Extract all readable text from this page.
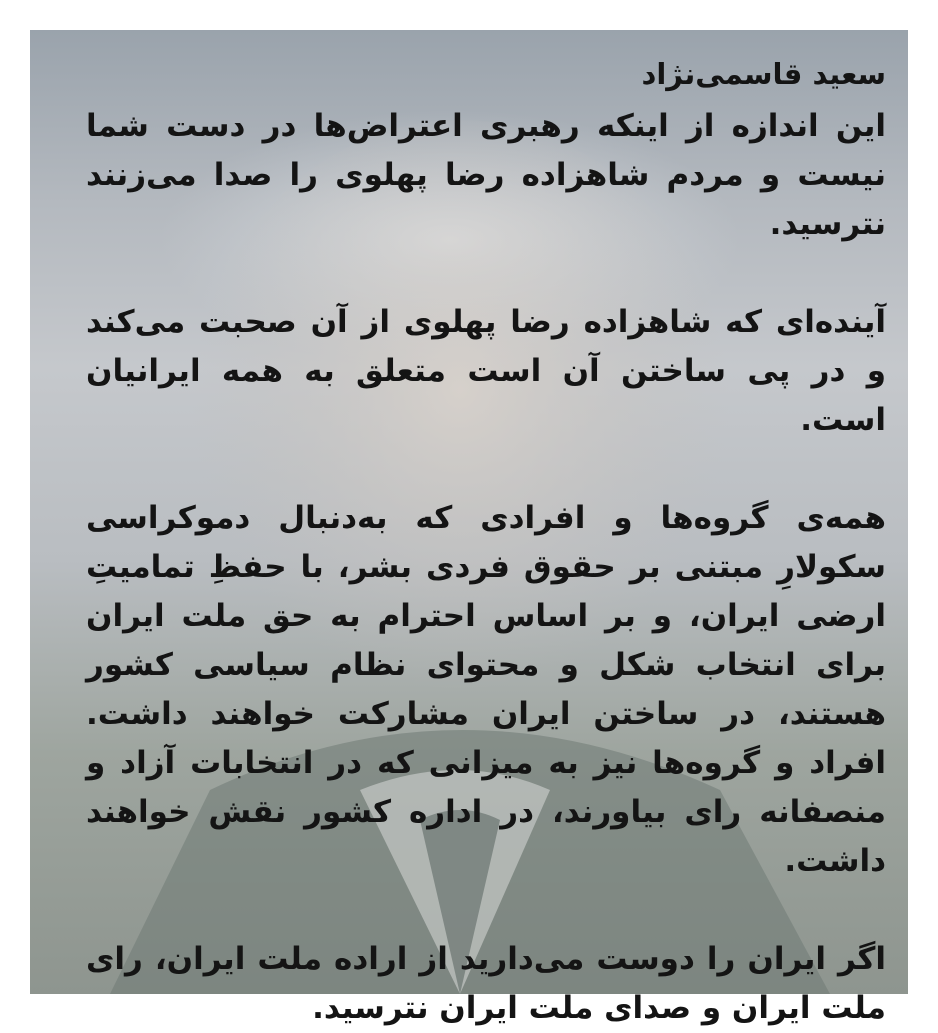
سعید قاسمی‌نژاد

این اندازه از اینکه رهبری اعتراض‌ها در دست شما نیست و مردم شاهزاده رضا پهلوی را صدا می‌زنند نترسید.

آینده‌ای که شاهزاده رضا پهلوی از آن صحبت می‌کند و در پی ساختن آن است متعلق به همه ایرانیان است.

همه‌ی گروه‌ها و افرادی که به‌دنبال دموکراسی سکولارِ مبتنی بر حقوق فردی بشر، با حفظِ تمامیتِ ارضی ایران، و بر اساس احترام به حق ملت ایران برای انتخاب شکل و محتوای نظام سیاسی کشور هستند، در ساختن ایران مشارکت خواهند داشت. افراد و گروه‌ها نیز به میزانی که در انتخابات آزاد و منصفانه رای بیاورند، در اداره کشور نقش خواهند داشت.

اگر ایران را دوست می‌دارید از اراده ملت ایران، رای ملت ایران و صدای ملت ایران نترسید.
